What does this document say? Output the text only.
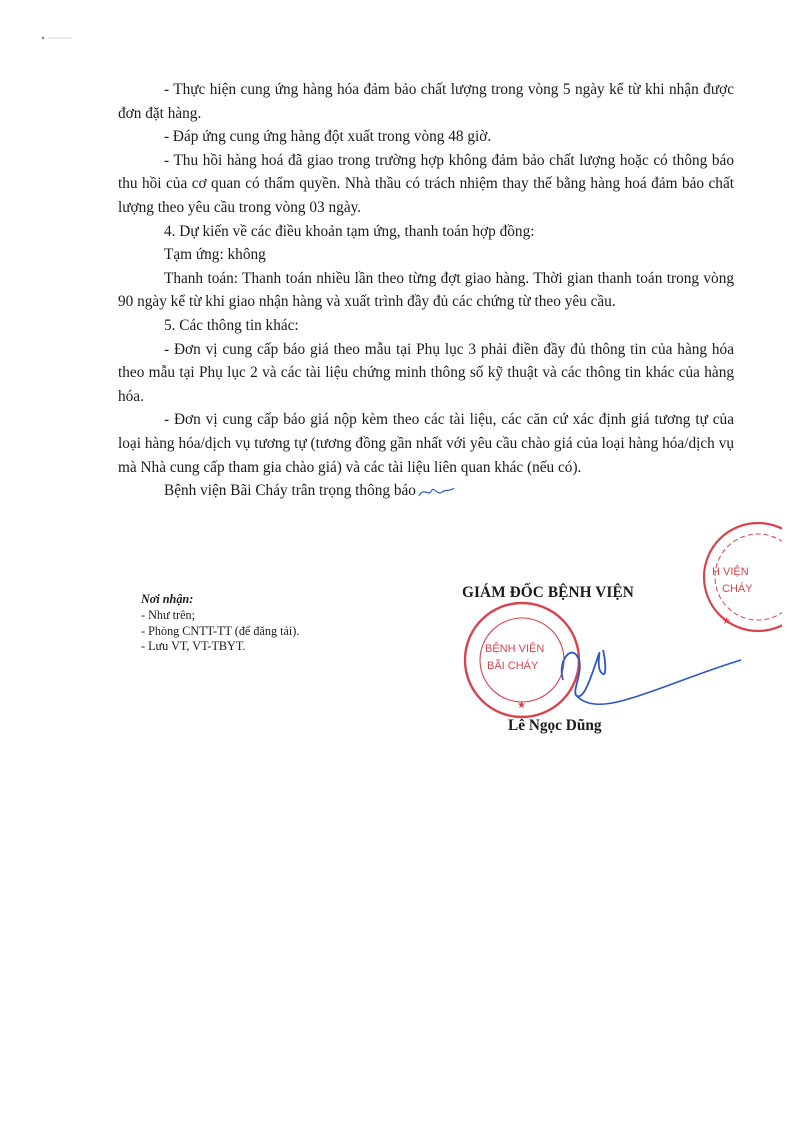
- Thực hiện cung ứng hàng hóa đảm bảo chất lượng trong vòng 5 ngày kể từ khi nhận được đơn đặt hàng.

- Đáp ứng cung ứng hàng đột xuất trong vòng 48 giờ.

- Thu hồi hàng hoá đã giao trong trường hợp không đảm bảo chất lượng hoặc có thông báo thu hồi của cơ quan có thẩm quyền. Nhà thầu có trách nhiệm thay thế bằng hàng hoá đảm bảo chất lượng theo yêu cầu trong vòng 03 ngày.

4. Dự kiến về các điều khoản tạm ứng, thanh toán hợp đồng:

Tạm ứng: không

Thanh toán: Thanh toán nhiều lần theo từng đợt giao hàng. Thời gian thanh toán trong vòng 90 ngày kể từ khi giao nhận hàng và xuất trình đầy đủ các chứng từ theo yêu cầu.

5. Các thông tin khác:

- Đơn vị cung cấp báo giá theo mẫu tại Phụ lục 3 phải điền đầy đủ thông tin của hàng hóa theo mẫu tại Phụ lục 2 và các tài liệu chứng minh thông số kỹ thuật và các thông tin khác của hàng hóa.

- Đơn vị cung cấp báo giá nộp kèm theo các tài liệu, các căn cứ xác định giá tương tự của loại hàng hóa/dịch vụ tương tự (tương đồng gần nhất với yêu cầu chào giá của loại hàng hóa/dịch vụ mà Nhà cung cấp tham gia chào giá) và các tài liệu liên quan khác (nếu có).

Bệnh viện Bãi Cháy trân trọng thông báo

Nơi nhận:
- Như trên;
- Phòng CNTT-TT (để đăng tải).
- Lưu VT, VT-TBYT.
GIÁM ĐỐC BỆNH VIỆN
H VIỆN
CHÁY
★
BỆNH VIỆN
BÃI CHÁY
★
Lê Ngọc Dũng
